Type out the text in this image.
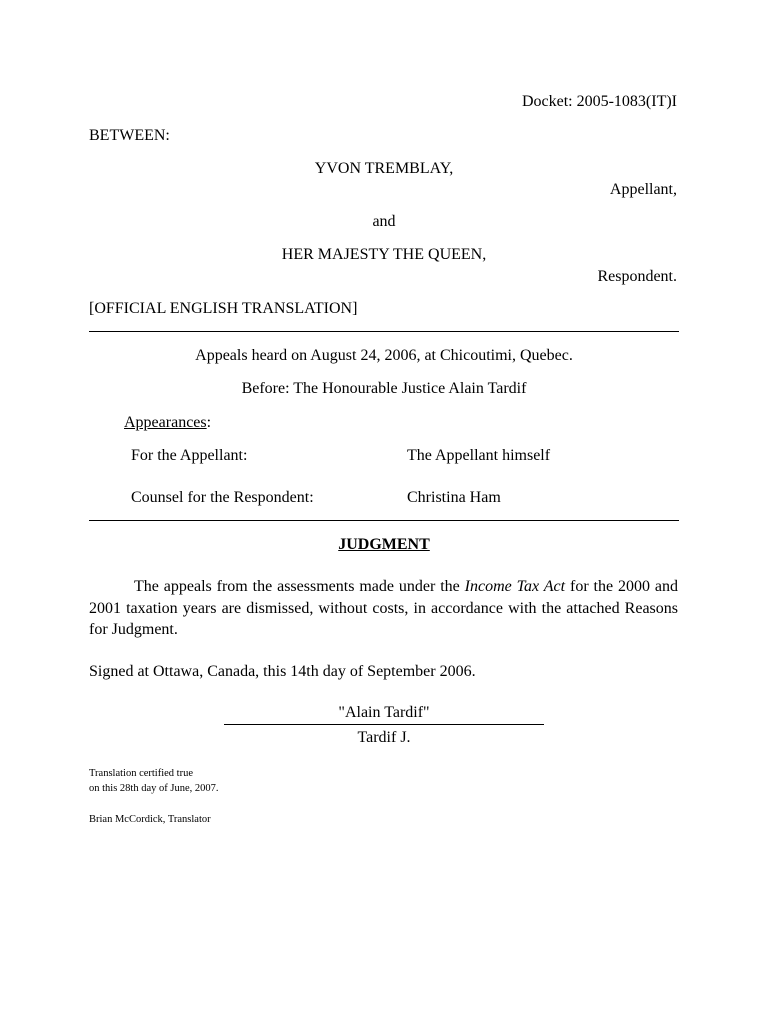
Docket: 2005-1083(IT)I
BETWEEN:
YVON TREMBLAY,
Appellant,
and
HER MAJESTY THE QUEEN,
Respondent.
[OFFICIAL ENGLISH TRANSLATION]
Appeals heard on August 24, 2006, at Chicoutimi, Quebec.
Before: The Honourable Justice Alain Tardif
Appearances:
For the Appellant:	The Appellant himself
Counsel for the Respondent:	Christina Ham
JUDGMENT
The appeals from the assessments made under the Income Tax Act for the 2000 and 2001 taxation years are dismissed, without costs, in accordance with the attached Reasons for Judgment.
Signed at Ottawa, Canada, this 14th day of September 2006.
"Alain Tardif"
Tardif J.
Translation certified true
on this 28th day of June, 2007.
Brian McCordick, Translator
